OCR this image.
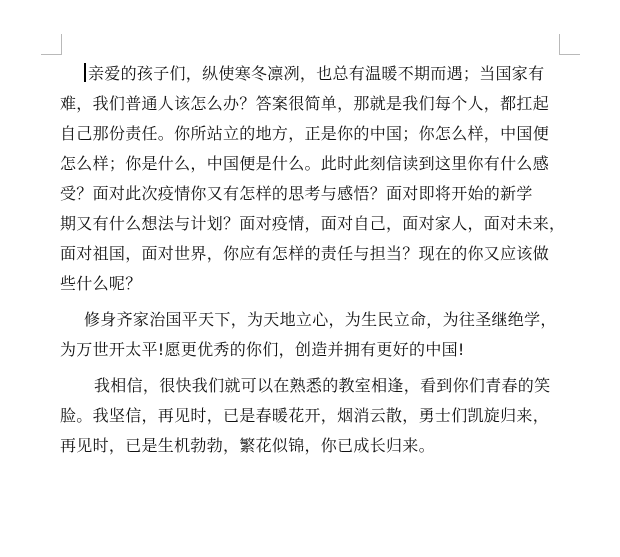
亲爱的孩子们，纵使寒冬凛冽，也总有温暖不期而遇；当国家有
难，我们普通人该怎么办？答案很简单，那就是我们每个人，都扛起
自己那份责任。你所站立的地方，正是你的中国；你怎么样，中国便
怎么样；你是什么，中国便是什么。此时此刻信读到这里你有什么感
受？面对此次疫情你又有怎样的思考与感悟？面对即将开始的新学
期又有什么想法与计划？面对疫情，面对自己，面对家人，面对未来，
面对祖国，面对世界，你应有怎样的责任与担当？现在的你又应该做
些什么呢？
修身齐家治国平天下，为天地立心，为生民立命，为往圣继绝学，
为万世开太平!愿更优秀的你们，创造并拥有更好的中国!
我相信，很快我们就可以在熟悉的教室相逢，看到你们青春的笑
脸。我坚信，再见时，已是春暖花开，烟消云散，勇士们凯旋归来，
再见时，已是生机勃勃，繁花似锦，你已成长归来。
